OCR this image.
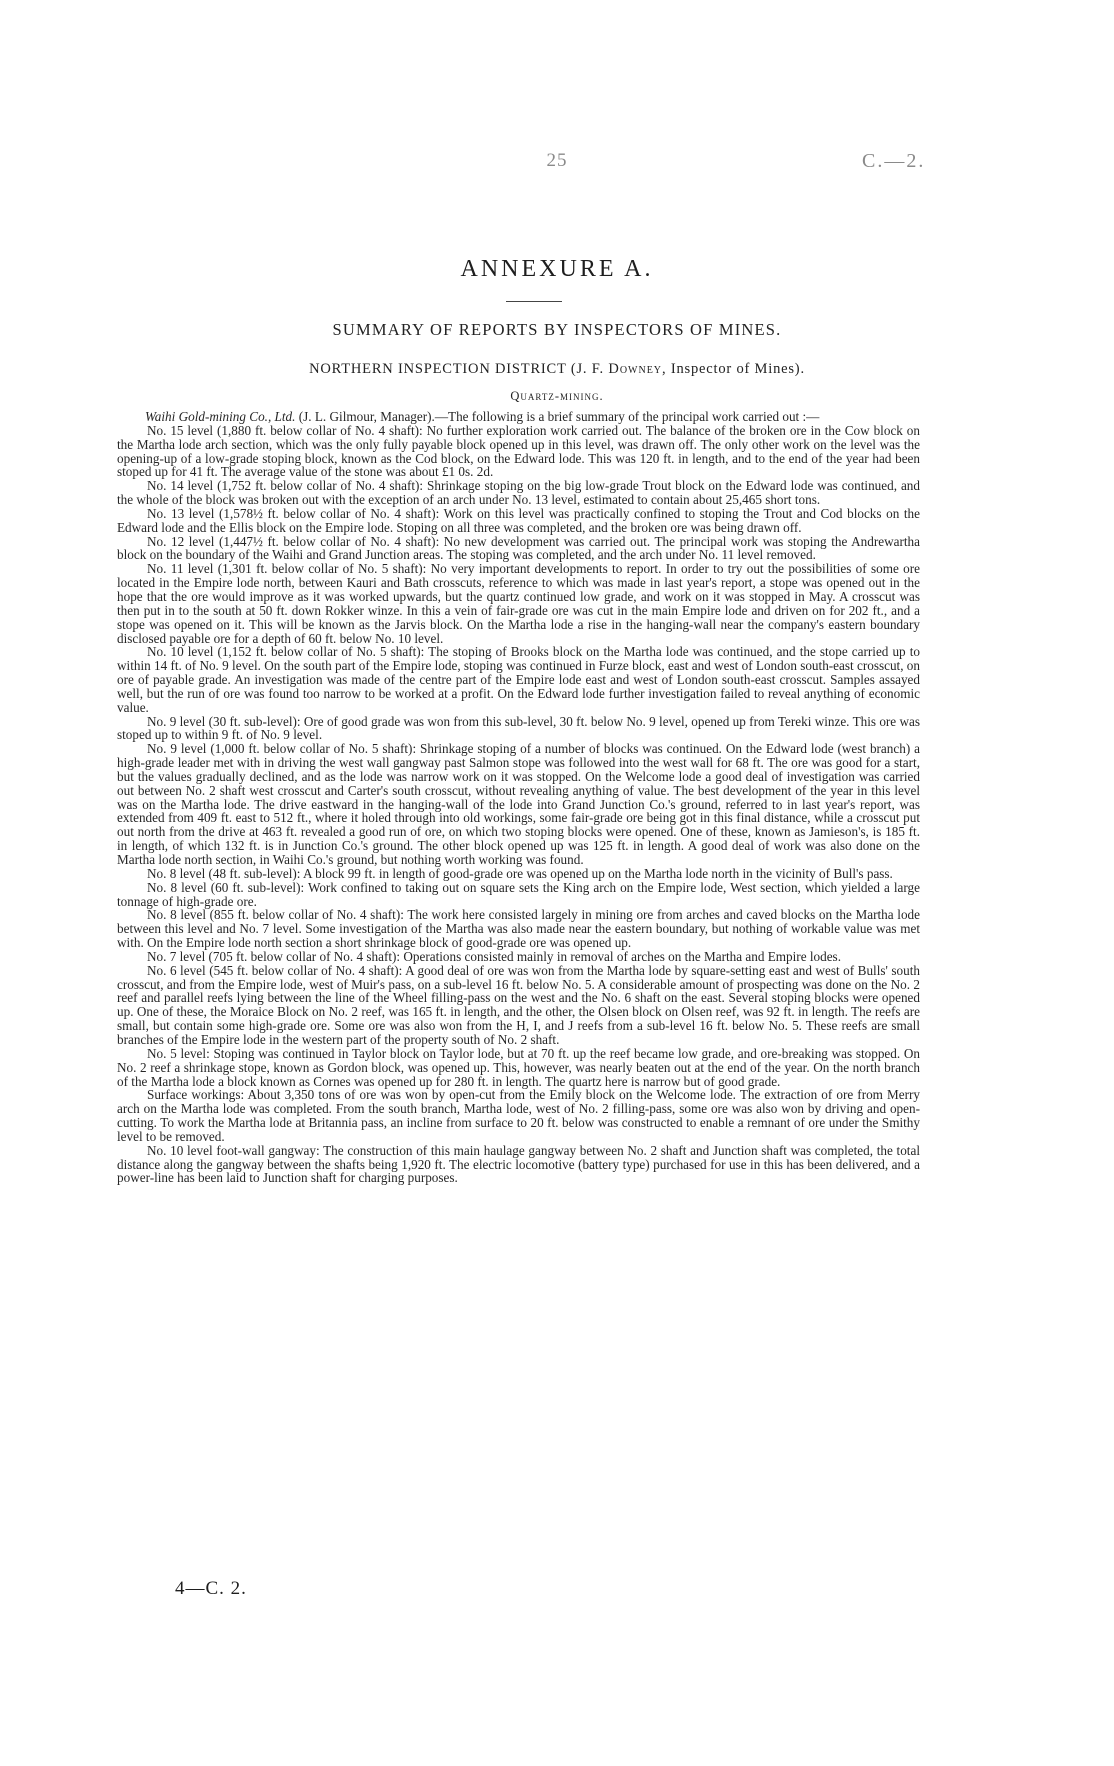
25	C.—2.
ANNEXURE A.
SUMMARY OF REPORTS BY INSPECTORS OF MINES.
NORTHERN INSPECTION DISTRICT (J. F. Downey, Inspector of Mines).
Quartz-mining.

Waihi Gold-mining Co., Ltd. (J. L. Gilmour, Manager).—The following is a brief summary of the principal work carried out :—

No. 15 level (1,880 ft. below collar of No. 4 shaft): No further exploration work carried out. The balance of the broken ore in the Cow block on the Martha lode arch section, which was the only fully payable block opened up in this level, was drawn off. The only other work on the level was the opening-up of a low-grade stoping block, known as the Cod block, on the Edward lode. This was 120 ft. in length, and to the end of the year had been stoped up for 41 ft. The average value of the stone was about £1 0s. 2d.

No. 14 level (1,752 ft. below collar of No. 4 shaft): Shrinkage stoping on the big low-grade Trout block on the Edward lode was continued, and the whole of the block was broken out with the exception of an arch under No. 13 level, estimated to contain about 25,465 short tons.

No. 13 level (1,578½ ft. below collar of No. 4 shaft): Work on this level was practically confined to stoping the Trout and Cod blocks on the Edward lode and the Ellis block on the Empire lode. Stoping on all three was completed, and the broken ore was being drawn off.

No. 12 level (1,447½ ft. below collar of No. 4 shaft): No new development was carried out. The principal work was stoping the Andrewartha block on the boundary of the Waihi and Grand Junction areas. The stoping was completed, and the arch under No. 11 level removed.

No. 11 level (1,301 ft. below collar of No. 5 shaft): No very important developments to report. In order to try out the possibilities of some ore located in the Empire lode north, between Kauri and Bath crosscuts, reference to which was made in last year's report, a stope was opened out in the hope that the ore would improve as it was worked upwards, but the quartz continued low grade, and work on it was stopped in May. A crosscut was then put in to the south at 50 ft. down Rokker winze. In this a vein of fair-grade ore was cut in the main Empire lode and driven on for 202 ft., and a stope was opened on it. This will be known as the Jarvis block. On the Martha lode a rise in the hanging-wall near the company's eastern boundary disclosed payable ore for a depth of 60 ft. below No. 10 level.

No. 10 level (1,152 ft. below collar of No. 5 shaft): The stoping of Brooks block on the Martha lode was continued, and the stope carried up to within 14 ft. of No. 9 level. On the south part of the Empire lode, stoping was continued in Furze block, east and west of London south-east crosscut, on ore of payable grade. An investigation was made of the centre part of the Empire lode east and west of London south-east crosscut. Samples assayed well, but the run of ore was found too narrow to be worked at a profit. On the Edward lode further investigation failed to reveal anything of economic value.

No. 9 level (30 ft. sub-level): Ore of good grade was won from this sub-level, 30 ft. below No. 9 level, opened up from Tereki winze. This ore was stoped up to within 9 ft. of No. 9 level.

No. 9 level (1,000 ft. below collar of No. 5 shaft): Shrinkage stoping of a number of blocks was continued. On the Edward lode (west branch) a high-grade leader met with in driving the west wall gangway past Salmon stope was followed into the west wall for 68 ft. The ore was good for a start, but the values gradually declined, and as the lode was narrow work on it was stopped. On the Welcome lode a good deal of investigation was carried out between No. 2 shaft west crosscut and Carter's south crosscut, without revealing anything of value. The best development of the year in this level was on the Martha lode. The drive eastward in the hanging-wall of the lode into Grand Junction Co.'s ground, referred to in last year's report, was extended from 409 ft. east to 512 ft., where it holed through into old workings, some fair-grade ore being got in this final distance, while a crosscut put out north from the drive at 463 ft. revealed a good run of ore, on which two stoping blocks were opened. One of these, known as Jamieson's, is 185 ft. in length, of which 132 ft. is in Junction Co.'s ground. The other block opened up was 125 ft. in length. A good deal of work was also done on the Martha lode north section, in Waihi Co.'s ground, but nothing worth working was found.

No. 8 level (48 ft. sub-level): A block 99 ft. in length of good-grade ore was opened up on the Martha lode north in the vicinity of Bull's pass.

No. 8 level (60 ft. sub-level): Work confined to taking out on square sets the King arch on the Empire lode, West section, which yielded a large tonnage of high-grade ore.

No. 8 level (855 ft. below collar of No. 4 shaft): The work here consisted largely in mining ore from arches and caved blocks on the Martha lode between this level and No. 7 level. Some investigation of the Martha was also made near the eastern boundary, but nothing of workable value was met with. On the Empire lode north section a short shrinkage block of good-grade ore was opened up.

No. 7 level (705 ft. below collar of No. 4 shaft): Operations consisted mainly in removal of arches on the Martha and Empire lodes.

No. 6 level (545 ft. below collar of No. 4 shaft): A good deal of ore was won from the Martha lode by square-setting east and west of Bulls' south crosscut, and from the Empire lode, west of Muir's pass, on a sub-level 16 ft. below No. 5. A considerable amount of prospecting was done on the No. 2 reef and parallel reefs lying between the line of the Wheel filling-pass on the west and the No. 6 shaft on the east. Several stoping blocks were opened up. One of these, the Moraice Block on No. 2 reef, was 165 ft. in length, and the other, the Olsen block on Olsen reef, was 92 ft. in length. The reefs are small, but contain some high-grade ore. Some ore was also won from the H, I, and J reefs from a sub-level 16 ft. below No. 5. These reefs are small branches of the Empire lode in the western part of the property south of No. 2 shaft.

No. 5 level: Stoping was continued in Taylor block on Taylor lode, but at 70 ft. up the reef became low grade, and ore-breaking was stopped. On No. 2 reef a shrinkage stope, known as Gordon block, was opened up. This, however, was nearly beaten out at the end of the year. On the north branch of the Martha lode a block known as Cornes was opened up for 280 ft. in length. The quartz here is narrow but of good grade.

Surface workings: About 3,350 tons of ore was won by open-cut from the Emily block on the Welcome lode. The extraction of ore from Merry arch on the Martha lode was completed. From the south branch, Martha lode, west of No. 2 filling-pass, some ore was also won by driving and open-cutting. To work the Martha lode at Britannia pass, an incline from surface to 20 ft. below was constructed to enable a remnant of ore under the Smithy level to be removed.

No. 10 level foot-wall gangway: The construction of this main haulage gangway between No. 2 shaft and Junction shaft was completed, the total distance along the gangway between the shafts being 1,920 ft. The electric locomotive (battery type) purchased for use in this has been delivered, and a power-line has been laid to Junction shaft for charging purposes.

4—C. 2.
